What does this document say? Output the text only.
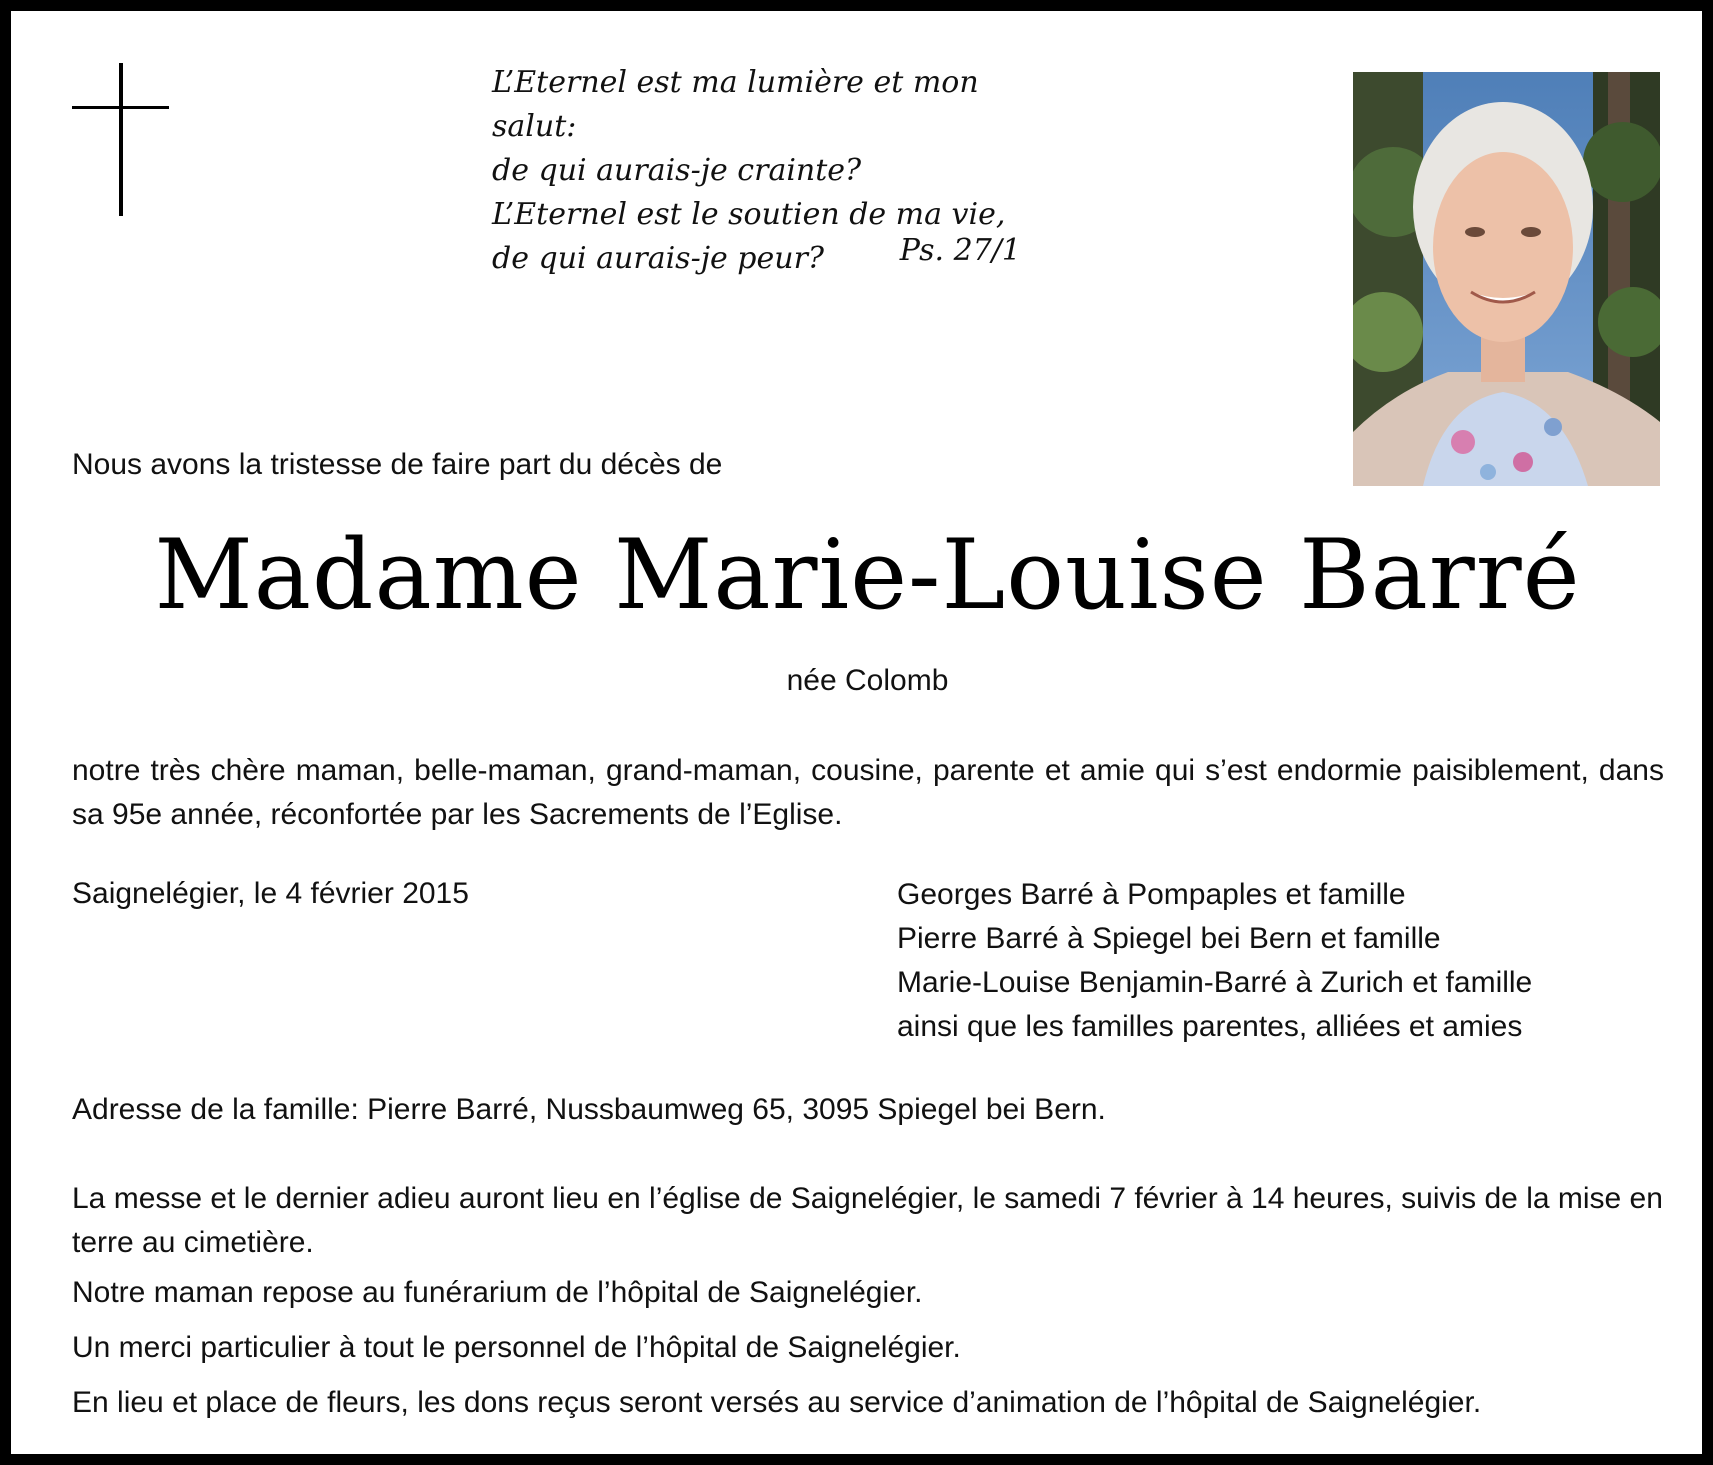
L’Eternel est ma lumière et mon salut:
de qui aurais-je crainte?
L’Eternel est le soutien de ma vie,
de qui aurais-je peur?	Ps. 27/1
Nous avons la tristesse de faire part du décès de
Madame Marie-Louise Barré
née Colomb
notre très chère maman, belle-maman, grand-maman, cousine, parente et amie qui s’est endormie paisiblement, dans sa 95e année, réconfortée par les Sacrements de l’Eglise.
Saignelégier, le 4 février 2015	Georges Barré à Pompaples et famille
Pierre Barré à Spiegel bei Bern et famille
Marie-Louise Benjamin-Barré à Zurich et famille
ainsi que les familles parentes, alliées et amies
Adresse de la famille: Pierre Barré, Nussbaumweg 65, 3095 Spiegel bei Bern.
La messe et le dernier adieu auront lieu en l’église de Saignelégier, le samedi 7 février à 14 heures, suivis de la mise en terre au cimetière.
Notre maman repose au funérarium de l’hôpital de Saignelégier.
Un merci particulier à tout le personnel de l’hôpital de Saignelégier.
En lieu et place de fleurs, les dons reçus seront versés au service d’animation de l’hôpital de Saignelégier.
